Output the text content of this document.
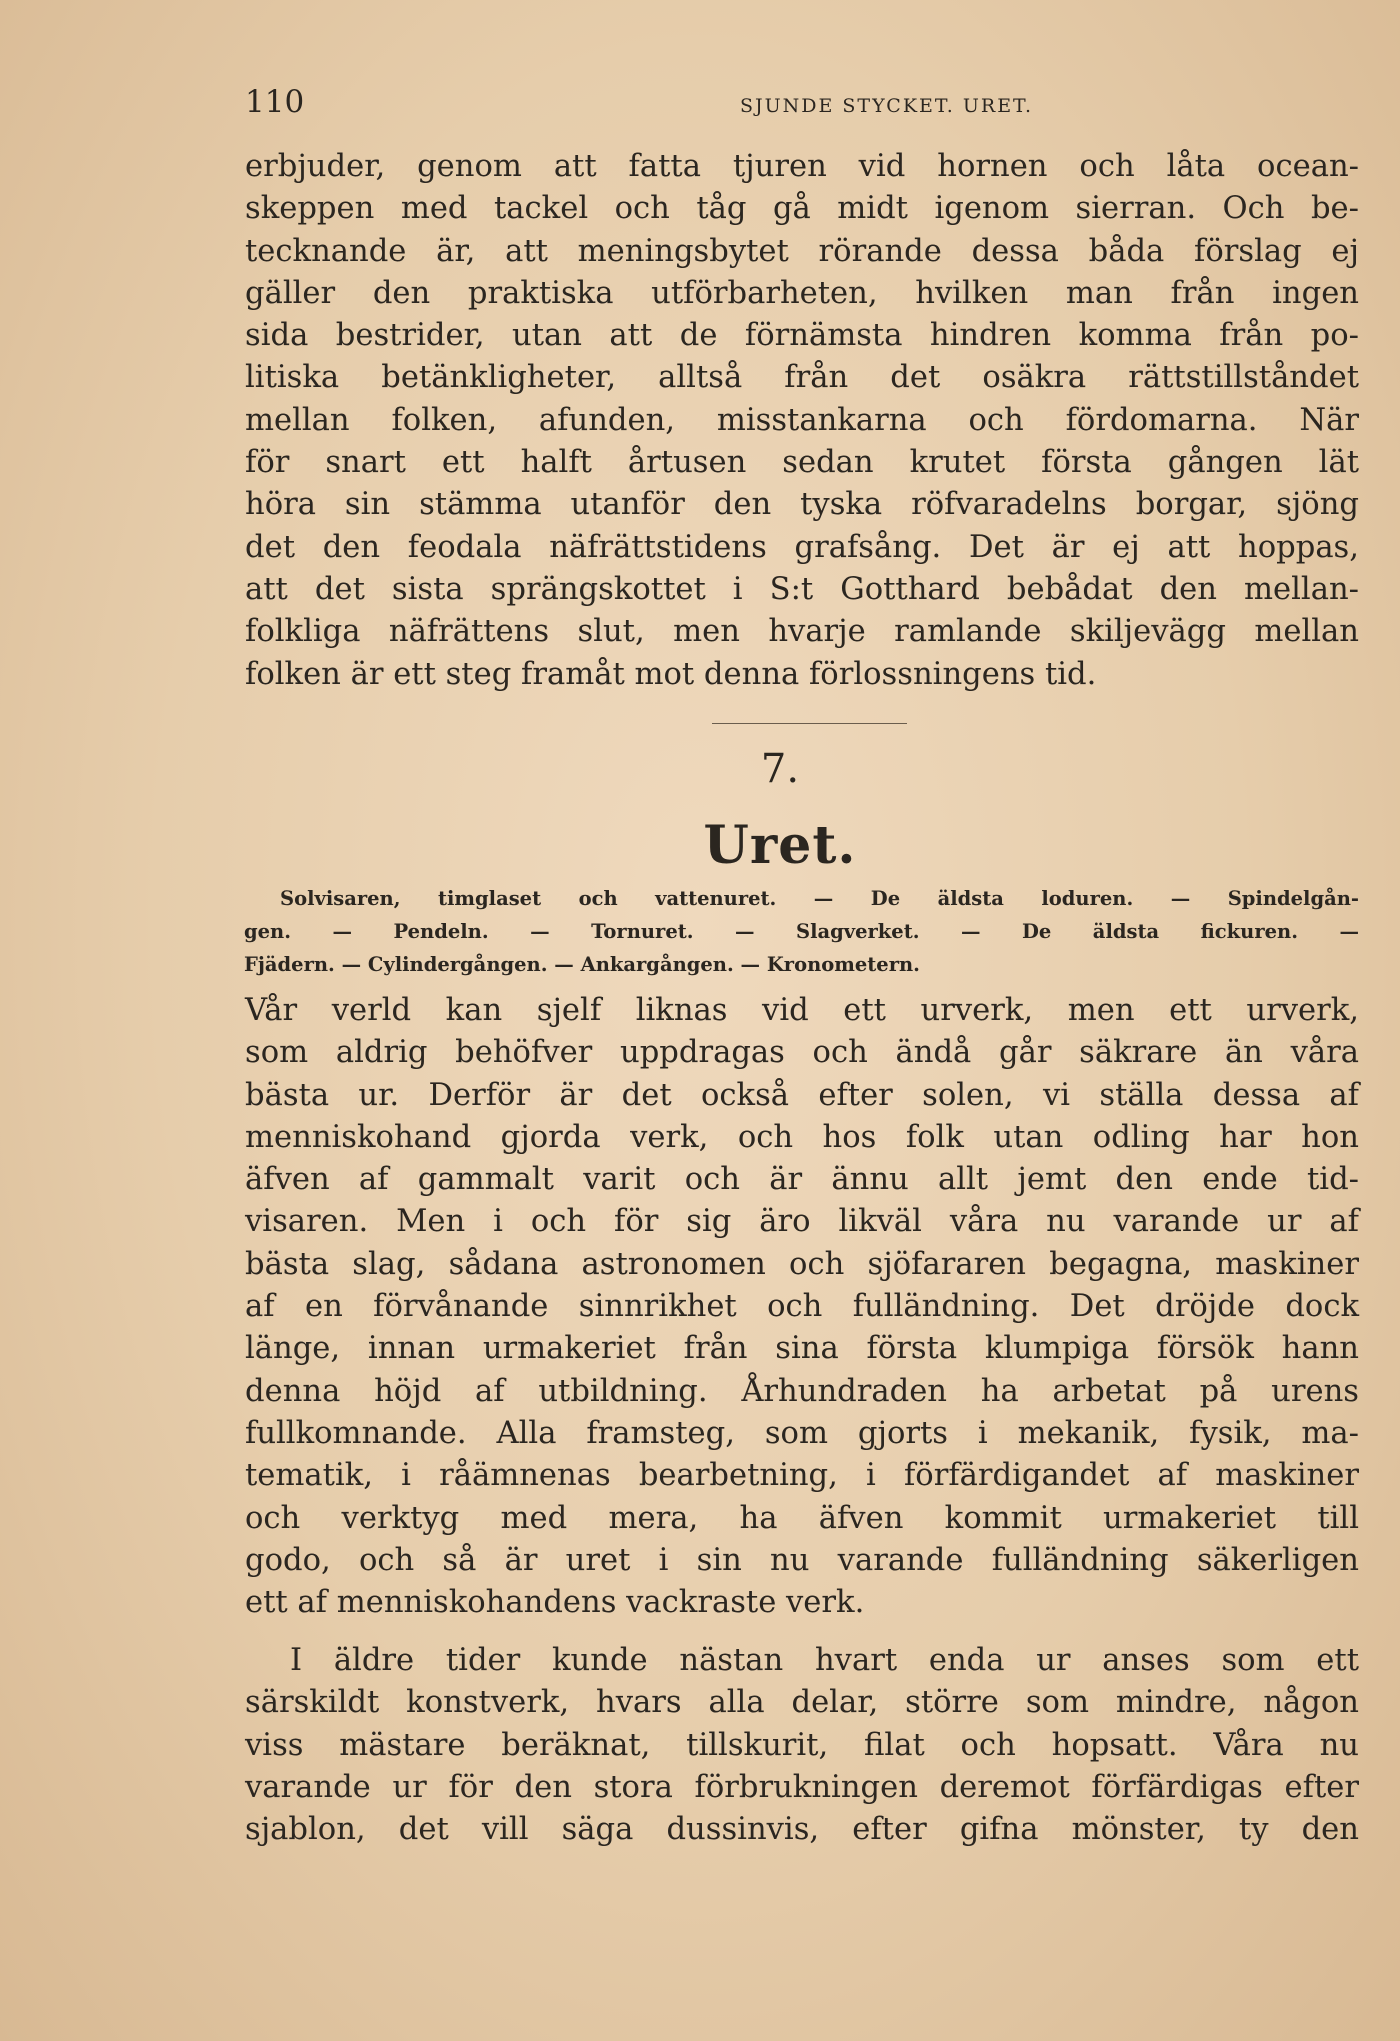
110	SJUNDE STYCKET. URET.
erbjuder, genom att fatta tjuren vid hornen och låta ocean-
skeppen med tackel och tåg gå midt igenom sierran. Och be-
tecknande är, att meningsbytet rörande dessa båda förslag ej
gäller den praktiska utförbarheten, hvilken man från ingen
sida bestrider, utan att de förnämsta hindren komma från po-
litiska betänkligheter, alltså från det osäkra rättstillståndet
mellan folken, afunden, misstankarna och fördomarna. När
för snart ett halft årtusen sedan krutet första gången lät
höra sin stämma utanför den tyska röfvaradelns borgar, sjöng
det den feodala näfrättstidens grafsång. Det är ej att hoppas,
att det sista sprängskottet i S:t Gotthard bebådat den mellan-
folkliga näfrättens slut, men hvarje ramlande skiljevägg mellan
folken är ett steg framåt mot denna förlossningens tid.
7.
Uret.
Solvisaren, timglaset och vattenuret. — De äldsta loduren. — Spindelgån-
gen. — Pendeln. — Tornuret. — Slagverket. — De äldsta fickuren. —
Fjädern. — Cylindergången. — Ankargången. — Kronometern.
Vår verld kan sjelf liknas vid ett urverk, men ett urverk,
som aldrig behöfver uppdragas och ändå går säkrare än våra
bästa ur. Derför är det också efter solen, vi ställa dessa af
menniskohand gjorda verk, och hos folk utan odling har hon
äfven af gammalt varit och är ännu allt jemt den ende tid-
visaren. Men i och för sig äro likväl våra nu varande ur af
bästa slag, sådana astronomen och sjöfararen begagna, maskiner
af en förvånande sinnrikhet och fulländning. Det dröjde dock
länge, innan urmakeriet från sina första klumpiga försök hann
denna höjd af utbildning. Århundraden ha arbetat på urens
fullkomnande. Alla framsteg, som gjorts i mekanik, fysik, ma-
tematik, i råämnenas bearbetning, i förfärdigandet af maskiner
och verktyg med mera, ha äfven kommit urmakeriet till
godo, och så är uret i sin nu varande fulländning säkerligen
ett af menniskohandens vackraste verk.
I äldre tider kunde nästan hvart enda ur anses som ett
särskildt konstverk, hvars alla delar, större som mindre, någon
viss mästare beräknat, tillskurit, filat och hopsatt. Våra nu
varande ur för den stora förbrukningen deremot förfärdigas efter
sjablon, det vill säga dussinvis, efter gifna mönster, ty den
